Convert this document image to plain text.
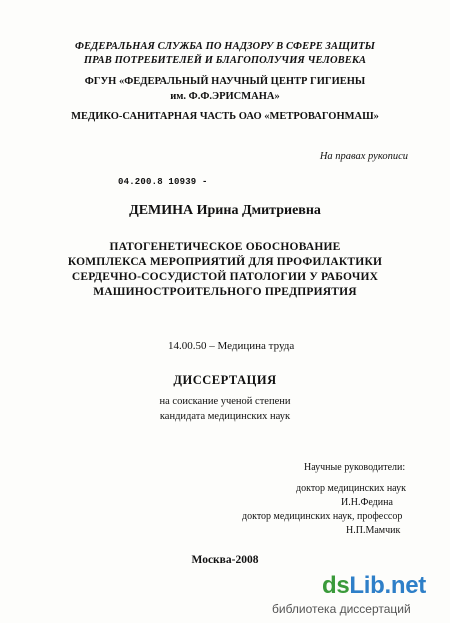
ФЕДЕРАЛЬНАЯ СЛУЖБА ПО НАДЗОРУ В СФЕРЕ ЗАЩИТЫ
ПРАВ ПОТРЕБИТЕЛЕЙ И БЛАГОПОЛУЧИЯ ЧЕЛОВЕКА
ФГУН «ФЕДЕРАЛЬНЫЙ НАУЧНЫЙ ЦЕНТР ГИГИЕНЫ
им. Ф.Ф.ЭРИСМАНА»
МЕДИКО-САНИТАРНАЯ ЧАСТЬ ОАО «МЕТРОВАГОНМАШ»
На правах рукописи
04.200.8 10939 -
ДЕМИНА Ирина Дмитриевна
ПАТОГЕНЕТИЧЕСКОЕ ОБОСНОВАНИЕ
КОМПЛЕКСА МЕРОПРИЯТИЙ ДЛЯ ПРОФИЛАКТИКИ
СЕРДЕЧНО-СОСУДИСТОЙ ПАТОЛОГИИ У РАБОЧИХ
МАШИНОСТРОИТЕЛЬНОГО ПРЕДПРИЯТИЯ
14.00.50 – Медицина труда
ДИССЕРТАЦИЯ
на соискание ученой степени
кандидата медицинских наук
Научные руководители:
доктор медицинских наук
И.Н.Федина
доктор медицинских наук, профессор
Н.П.Мамчик
Москва-2008
dsLib.net
библиотека диссертаций
